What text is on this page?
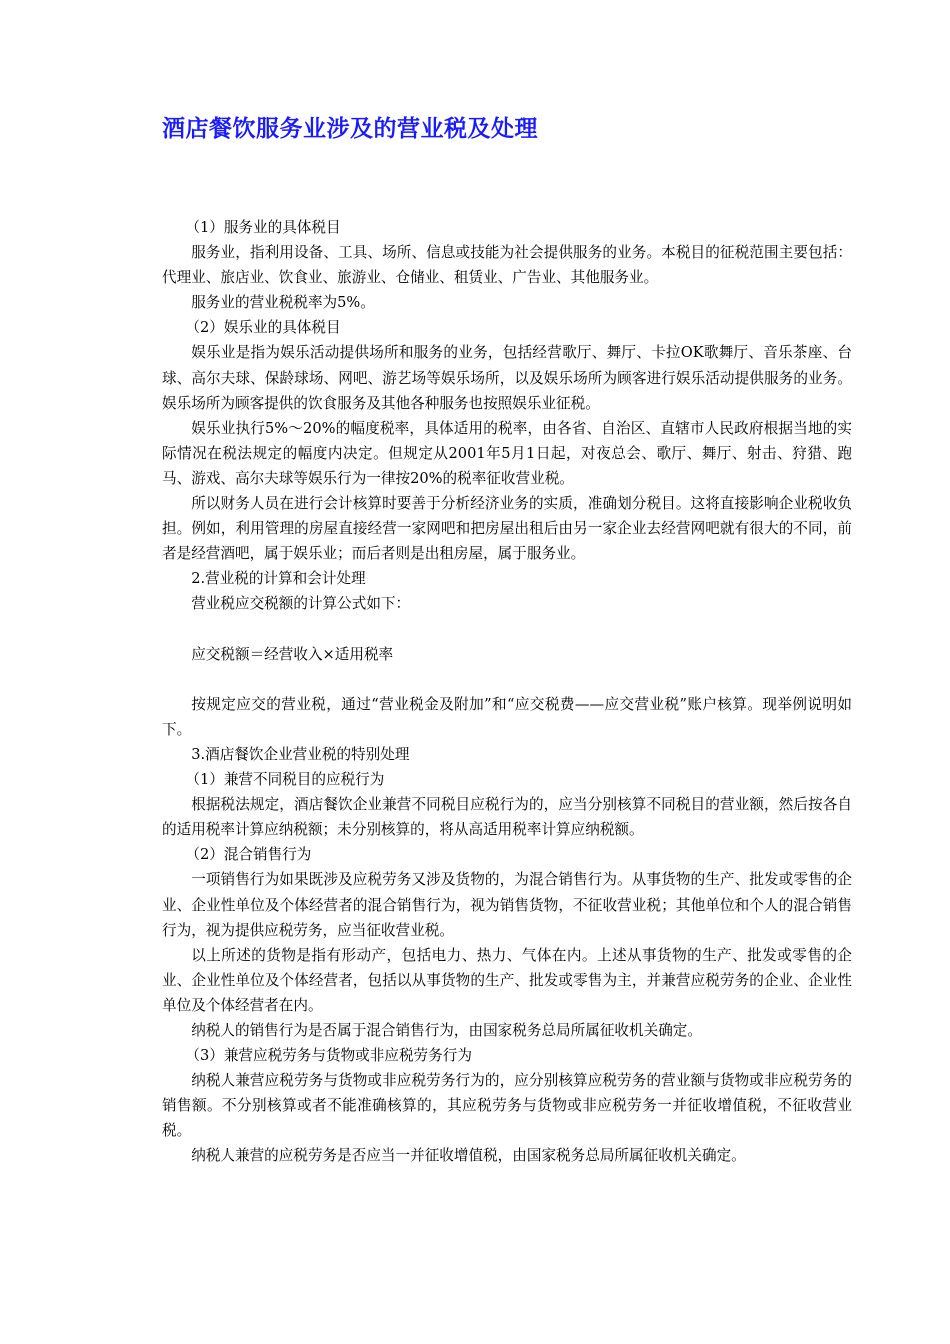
酒店餐饮服务业涉及的营业税及处理

（1）服务业的具体税目

服务业，指利用设备、工具、场所、信息或技能为社会提供服务的业务。本税目的征税范围主要包括：代理业、旅店业、饮食业、旅游业、仓储业、租赁业、广告业、其他服务业。

服务业的营业税税率为5%。

（2）娱乐业的具体税目

娱乐业是指为娱乐活动提供场所和服务的业务，包括经营歌厅、舞厅、卡拉OK歌舞厅、音乐茶座、台球、高尔夫球、保龄球场、网吧、游艺场等娱乐场所，以及娱乐场所为顾客进行娱乐活动提供服务的业务。娱乐场所为顾客提供的饮食服务及其他各种服务也按照娱乐业征税。

娱乐业执行5%～20%的幅度税率，具体适用的税率，由各省、自治区、直辖市人民政府根据当地的实际情况在税法规定的幅度内决定。但规定从2001年5月1日起，对夜总会、歌厅、舞厅、射击、狩猎、跑马、游戏、高尔夫球等娱乐行为一律按20%的税率征收营业税。

所以财务人员在进行会计核算时要善于分析经济业务的实质，准确划分税目。这将直接影响企业税收负担。例如，利用管理的房屋直接经营一家网吧和把房屋出租后由另一家企业去经营网吧就有很大的不同，前者是经营酒吧，属于娱乐业；而后者则是出租房屋，属于服务业。

2.营业税的计算和会计处理

营业税应交税额的计算公式如下：

应交税额＝经营收入×适用税率

按规定应交的营业税，通过“营业税金及附加”和“应交税费——应交营业税”账户核算。现举例说明如下。

3.酒店餐饮企业营业税的特别处理

（1）兼营不同税目的应税行为

根据税法规定，酒店餐饮企业兼营不同税目应税行为的，应当分别核算不同税目的营业额，然后按各自的适用税率计算应纳税额；未分别核算的，将从高适用税率计算应纳税额。

（2）混合销售行为

一项销售行为如果既涉及应税劳务又涉及货物的，为混合销售行为。从事货物的生产、批发或零售的企业、企业性单位及个体经营者的混合销售行为，视为销售货物，不征收营业税；其他单位和个人的混合销售行为，视为提供应税劳务，应当征收营业税。

以上所述的货物是指有形动产，包括电力、热力、气体在内。上述从事货物的生产、批发或零售的企业、企业性单位及个体经营者，包括以从事货物的生产、批发或零售为主，并兼营应税劳务的企业、企业性单位及个体经营者在内。

纳税人的销售行为是否属于混合销售行为，由国家税务总局所属征收机关确定。

（3）兼营应税劳务与货物或非应税劳务行为

纳税人兼营应税劳务与货物或非应税劳务行为的，应分别核算应税劳务的营业额与货物或非应税劳务的销售额。不分别核算或者不能准确核算的，其应税劳务与货物或非应税劳务一并征收增值税，不征收营业税。

纳税人兼营的应税劳务是否应当一并征收增值税，由国家税务总局所属征收机关确定。
